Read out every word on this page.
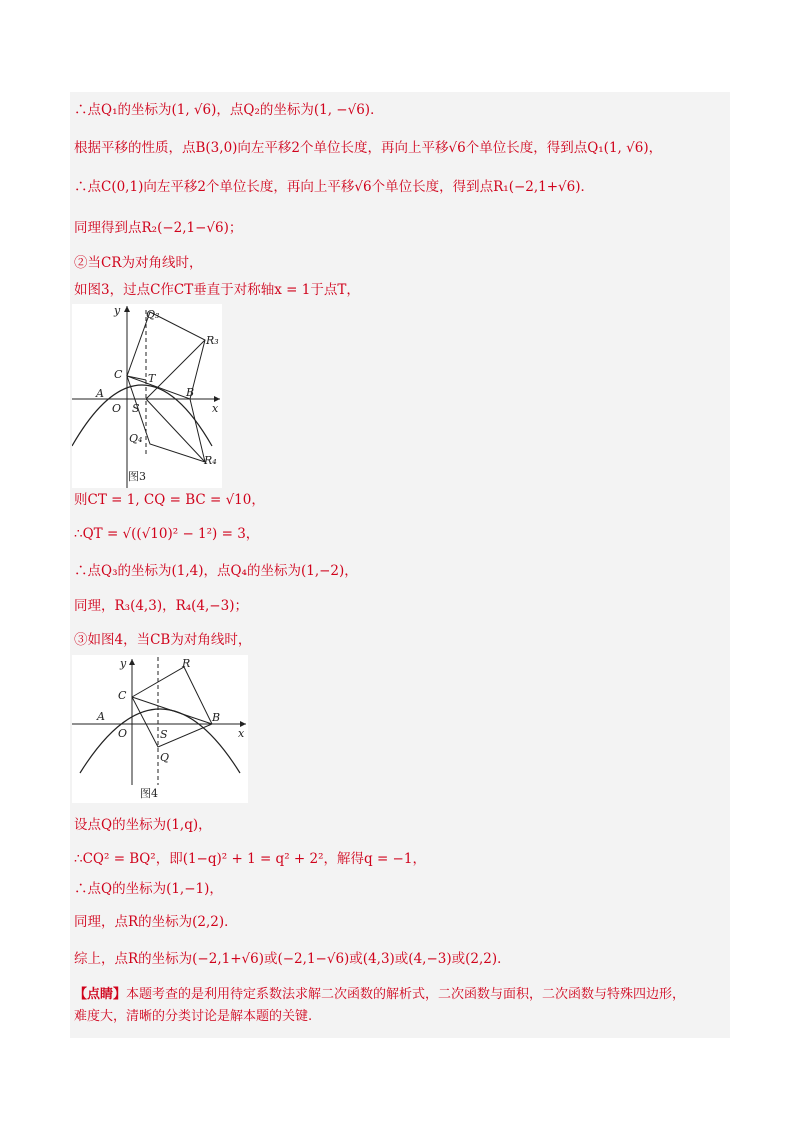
∴点Q₁的坐标为(1, √6)，点Q₂的坐标为(1, −√6)．
根据平移的性质，点B(3,0)向左平移2个单位长度，再向上平移√6个单位长度，得到点Q₁(1, √6)，
∴点C(0,1)向左平移2个单位长度，再向上平移√6个单位长度，得到点R₁(−2,1+√6)．
同理得到点R₂(−2,1−√6)；
②当CR为对角线时，
如图3，过点C作CT垂直于对称轴x = 1于点T，
y
x
O
A	B
C
S
T
Q₃
Q₄
R₃
R₄
图3
则CT = 1, CQ = BC = √10，
∴QT = √((√10)² − 1²) = 3，
∴点Q₃的坐标为(1,4)，点Q₄的坐标为(1,−2)，
同理，R₃(4,3)，R₄(4,−3)；
③如图4，当CB为对角线时，
y
x
O
A	B
C
S
Q
R
图4
设点Q的坐标为(1,q)，
∴CQ² = BQ²，即(1−q)² + 1 = q² + 2²，解得q = −1，
∴点Q的坐标为(1,−1)，
同理，点R的坐标为(2,2)．
综上，点R的坐标为(−2,1+√6)或(−2,1−√6)或(4,3)或(4,−3)或(2,2)．
【点睛】本题考查的是利用待定系数法求解二次函数的解析式，二次函数与面积，二次函数与特殊四边形，
难度大，清晰的分类讨论是解本题的关键.
